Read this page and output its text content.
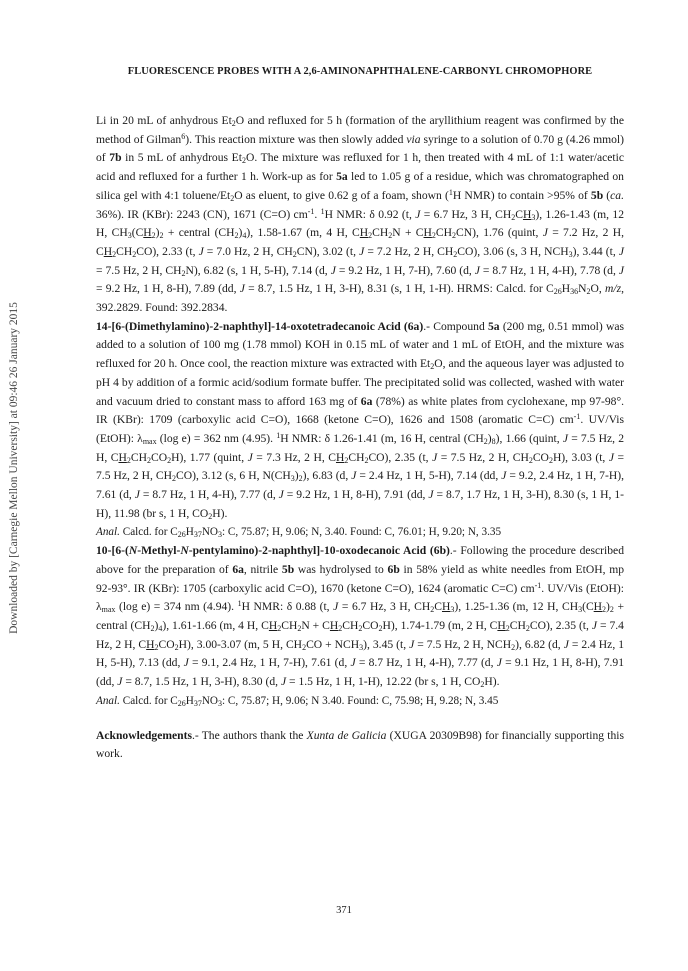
Downloaded by [Carnegie Mellon University] at 09:46 26 January 2015
FLUORESCENCE PROBES WITH A 2,6-AMINONAPHTHALENE-CARBONYL CHROMOPHORE

Li in 20 mL of anhydrous $Et_2O$ and refluxed for 5 h (formation of the aryllithium reagent was confirmed by the method of Gilman$^6$). This reaction mixture was then slowly added via syringe to a solution of 0.70 g (4.26 mmol) of 7b in 5 mL of anhydrous $Et_2O$. The mixture was refluxed for 1 h, then treated with 4 mL of 1:1 water/acetic acid and refluxed for a further 1 h. Work-up as for 5a led to 1.05 g of a residue, which was chromatographed on silica gel with 4:1 toluene/$Et_2O$ as eluent, to give 0.62 g of a foam, shown ($^1$H NMR) to contain >95% of 5b (ca. 36%). IR (KBr): 2243 (CN), 1671 (C=O) $cm^{-1}$. $^1$H NMR: δ 0.92 (t, J = 6.7 Hz, 3 H, $CH_2CH_3$), 1.26-1.43 (m, 12 H, $CH_3(CH_2)_2$ + central $(CH_2)_4$), 1.58-1.67 (m, 4 H, $CH_2CH_2N + CH_2CH_2CN$), 1.76 (quint, J = 7.2 Hz, 2 H, $CH_2CH_2CO$), 2.33 (t, J = 7.0 Hz, 2 H, $CH_2CN$), 3.02 (t, J = 7.2 Hz, 2 H, $CH_2CO$), 3.06 (s, 3 H, $NCH_3$), 3.44 (t, J = 7.5 Hz, 2 H, $CH_2N$), 6.82 (s, 1 H, 5-H), 7.14 (d, J = 9.2 Hz, 1 H, 7-H), 7.60 (d, J = 8.7 Hz, 1 H, 4-H), 7.78 (d, J = 9.2 Hz, 1 H, 8-H), 7.89 (dd, J = 8.7, 1.5 Hz, 1 H, 3-H), 8.31 (s, 1 H, 1-H). HRMS: Calcd. for $C_{26}H_{36}N_2O$, m/z, 392.2829. Found: 392.2834.

14-[6-(Dimethylamino)-2-naphthyl]-14-oxotetradecanoic Acid (6a).- Compound 5a (200 mg, 0.51 mmol) was added to a solution of 100 mg (1.78 mmol) KOH in 0.15 mL of water and 1 mL of EtOH, and the mixture was refluxed for 20 h. Once cool, the reaction mixture was extracted with $Et_2O$, and the aqueous layer was adjusted to pH 4 by addition of a formic acid/sodium formate buffer. The precipitated solid was collected, washed with water and vacuum dried to constant mass to afford 163 mg of 6a (78%) as white plates from cyclohexane, mp 97-98°. IR (KBr): 1709 (carboxylic acid C=O), 1668 (ketone C=O), 1626 and 1508 (aromatic C=C) $cm^{-1}$. UV/Vis (EtOH): $\lambda_{max}$ (log e) = 362 nm (4.95). $^1$H NMR: δ 1.26-1.41 (m, 16 H, central $(CH_2)_8$), 1.66 (quint, J = 7.5 Hz, 2 H, $CH_2CH_2CO_2H$), 1.77 (quint, J = 7.3 Hz, 2 H, $CH_2CH_2CO$), 2.35 (t, J = 7.5 Hz, 2 H, $CH_2CO_2H$), 3.03 (t, J = 7.5 Hz, 2 H, $CH_2CO$), 3.12 (s, 6 H, $N(CH_3)_2$), 6.83 (d, J = 2.4 Hz, 1 H, 5-H), 7.14 (dd, J = 9.2, 2.4 Hz, 1 H, 7-H), 7.61 (d, J = 8.7 Hz, 1 H, 4-H), 7.77 (d, J = 9.2 Hz, 1 H, 8-H), 7.91 (dd, J = 8.7, 1.7 Hz, 1 H, 3-H), 8.30 (s, 1 H, 1-H), 11.98 (br s, 1 H, $CO_2H$).

Anal. Calcd. for $C_{26}H_{37}NO_3$: C, 75.87; H, 9.06; N, 3.40. Found: C, 76.01; H, 9.20; N, 3.35

10-[6-(N-Methyl-N-pentylamino)-2-naphthyl]-10-oxodecanoic Acid (6b).- Following the procedure described above for the preparation of 6a, nitrile 5b was hydrolysed to 6b in 58% yield as white needles from EtOH, mp 92-93°. IR (KBr): 1705 (carboxylic acid C=O), 1670 (ketone C=O), 1624 (aromatic C=C) $cm^{-1}$. UV/Vis (EtOH): $\lambda_{max}$ (log e) = 374 nm (4.94). $^1$H NMR: δ 0.88 (t, J = 6.7 Hz, 3 H, $CH_2CH_3$), 1.25-1.36 (m, 12 H, $CH_3(CH_2)_2$ + central $(CH_2)_4$), 1.61-1.66 (m, 4 H, $CH_2CH_2N + CH_2CH_2CO_2H$), 1.74-1.79 (m, 2 H, $CH_2CH_2CO$), 2.35 (t, J = 7.4 Hz, 2 H, $CH_2CO_2H$), 3.00-3.07 (m, 5 H, $CH_2CO + NCH_3$), 3.45 (t, J = 7.5 Hz, 2 H, $NCH_2$), 6.82 (d, J = 2.4 Hz, 1 H, 5-H), 7.13 (dd, J = 9.1, 2.4 Hz, 1 H, 7-H), 7.61 (d, J = 8.7 Hz, 1 H, 4-H), 7.77 (d, J = 9.1 Hz, 1 H, 8-H), 7.91 (dd, J = 8.7, 1.5 Hz, 1 H, 3-H), 8.30 (d, J = 1.5 Hz, 1 H, 1-H), 12.22 (br s, 1 H, $CO_2H$).

Anal. Calcd. for $C_{26}H_{37}NO_3$: C, 75.87; H, 9.06; N 3.40. Found: C, 75.98; H, 9.28; N, 3.45

Acknowledgements.- The authors thank the Xunta de Galicia (XUGA 20309B98) for financially supporting this work.

371
